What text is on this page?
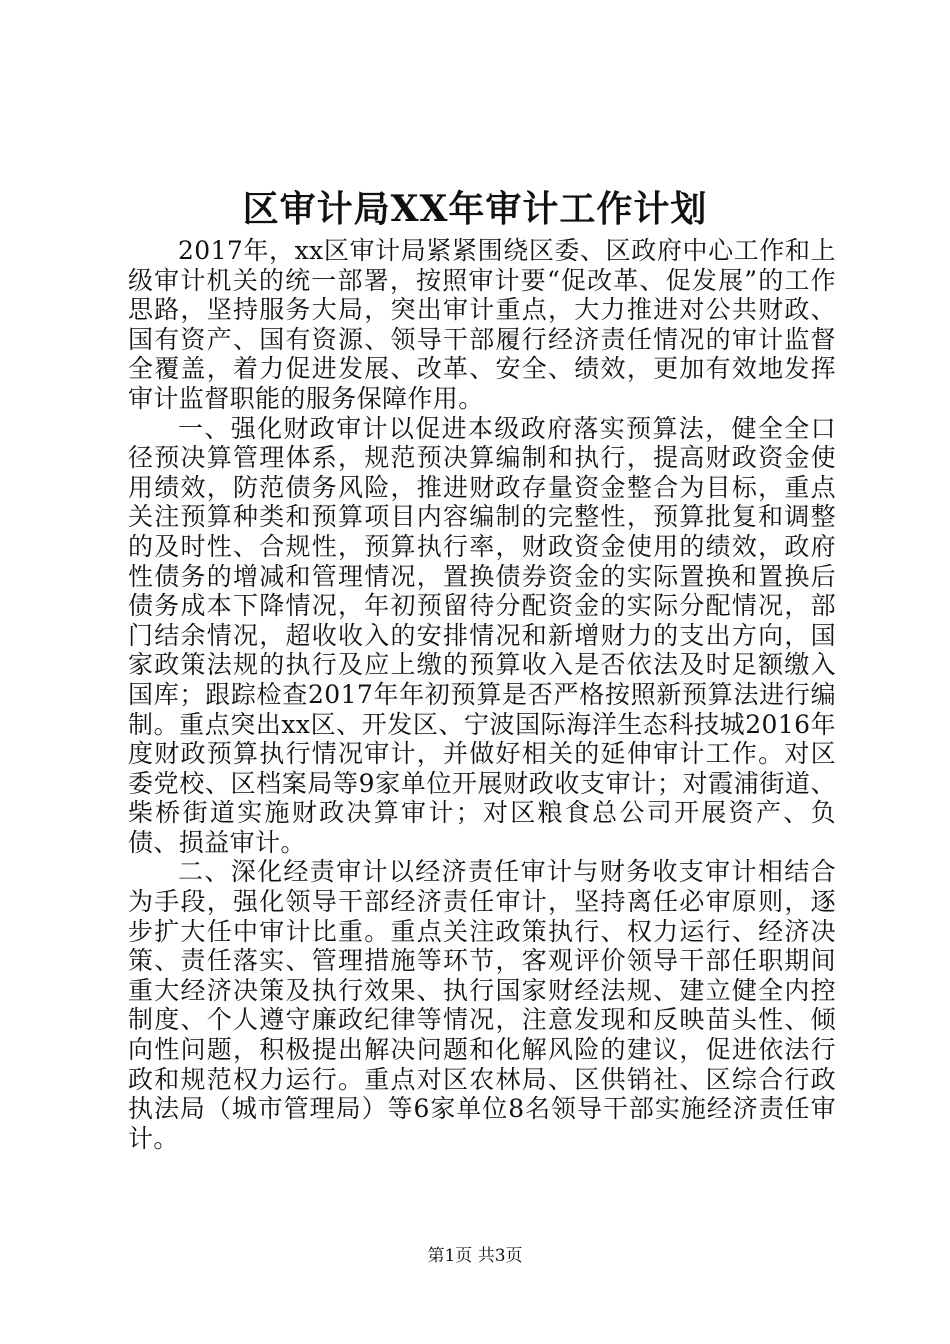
区审计局XX年审计工作计划

2017年，xx区审计局紧紧围绕区委、区政府中心工作和上级审计机关的统一部署，按照审计要“促改革、促发展”的工作思路，坚持服务大局，突出审计重点，大力推进对公共财政、国有资产、国有资源、领导干部履行经济责任情况的审计监督全覆盖，着力促进发展、改革、安全、绩效，更加有效地发挥审计监督职能的服务保障作用。

一、强化财政审计以促进本级政府落实预算法，健全全口径预决算管理体系，规范预决算编制和执行，提高财政资金使用绩效，防范债务风险，推进财政存量资金整合为目标，重点关注预算种类和预算项目内容编制的完整性，预算批复和调整的及时性、合规性，预算执行率，财政资金使用的绩效，政府性债务的增减和管理情况，置换债券资金的实际置换和置换后债务成本下降情况，年初预留待分配资金的实际分配情况，部门结余情况，超收收入的安排情况和新增财力的支出方向，国家政策法规的执行及应上缴的预算收入是否依法及时足额缴入国库；跟踪检查2017年年初预算是否严格按照新预算法进行编制。重点突出xx区、开发区、宁波国际海洋生态科技城2016年度财政预算执行情况审计，并做好相关的延伸审计工作。对区委党校、区档案局等9家单位开展财政收支审计；对霞浦街道、柴桥街道实施财政决算审计；对区粮食总公司开展资产、负债、损益审计。

二、深化经责审计以经济责任审计与财务收支审计相结合为手段，强化领导干部经济责任审计，坚持离任必审原则，逐步扩大任中审计比重。重点关注政策执行、权力运行、经济决策、责任落实、管理措施等环节，客观评价领导干部任职期间重大经济决策及执行效果、执行国家财经法规、建立健全内控制度、个人遵守廉政纪律等情况，注意发现和反映苗头性、倾向性问题，积极提出解决问题和化解风险的建议，促进依法行政和规范权力运行。重点对区农林局、区供销社、区综合行政执法局（城市管理局）等6家单位8名领导干部实施经济责任审计。

第1页 共3页
